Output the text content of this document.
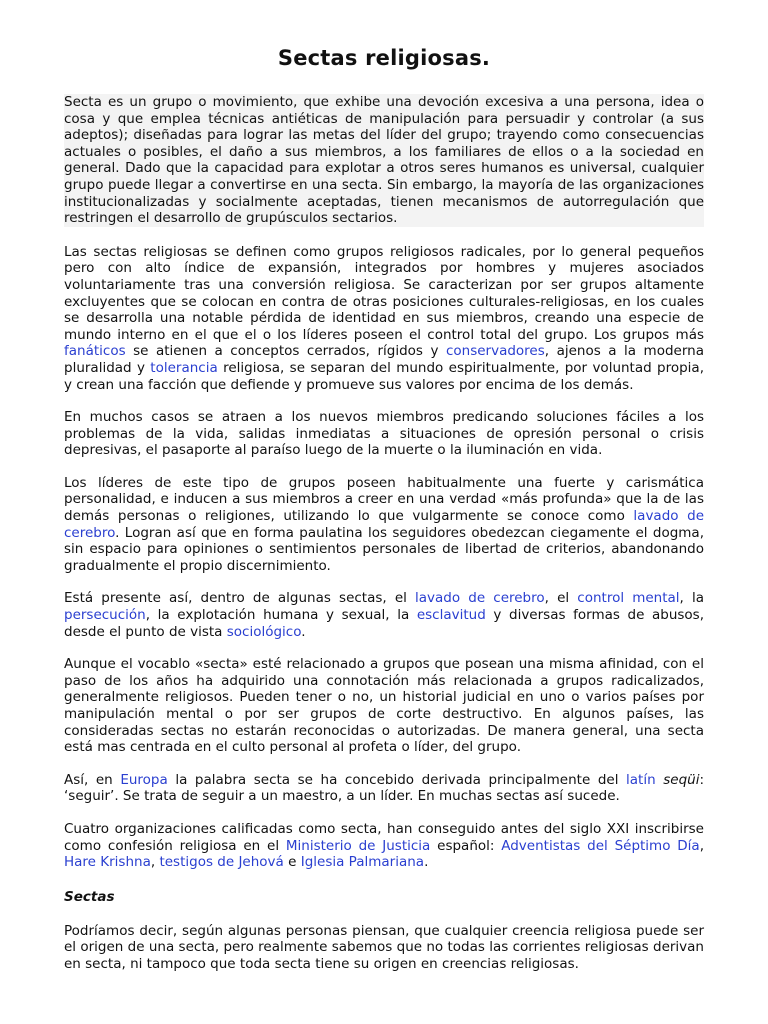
Sectas religiosas.

Secta es un grupo o movimiento, que exhibe una devoción excesiva a una persona, idea o cosa y que emplea técnicas antiéticas de manipulación para persuadir y controlar (a sus adeptos); diseñadas para lograr las metas del líder del grupo; trayendo como consecuencias actuales o posibles, el daño a sus miembros, a los familiares de ellos o a la sociedad en general. Dado que la capacidad para explotar a otros seres humanos es universal, cualquier grupo puede llegar a convertirse en una secta. Sin embargo, la mayoría de las organizaciones institucionalizadas y socialmente aceptadas, tienen mecanismos de autorregulación que restringen el desarrollo de grupúsculos sectarios.

Las sectas religiosas se definen como grupos religiosos radicales, por lo general pequeños pero con alto índice de expansión, integrados por hombres y mujeres asociados voluntariamente tras una conversión religiosa. Se caracterizan por ser grupos altamente excluyentes que se colocan en contra de otras posiciones culturales-religiosas, en los cuales se desarrolla una notable pérdida de identidad en sus miembros, creando una especie de mundo interno en el que el o los líderes poseen el control total del grupo. Los grupos más fanáticos se atienen a conceptos cerrados, rígidos y conservadores, ajenos a la moderna pluralidad y tolerancia religiosa, se separan del mundo espiritualmente, por voluntad propia, y crean una facción que defiende y promueve sus valores por encima de los demás.

En muchos casos se atraen a los nuevos miembros predicando soluciones fáciles a los problemas de la vida, salidas inmediatas a situaciones de opresión personal o crisis depresivas, el pasaporte al paraíso luego de la muerte o la iluminación en vida.

Los líderes de este tipo de grupos poseen habitualmente una fuerte y carismática personalidad, e inducen a sus miembros a creer en una verdad «más profunda» que la de las demás personas o religiones, utilizando lo que vulgarmente se conoce como lavado de cerebro. Logran así que en forma paulatina los seguidores obedezcan ciegamente el dogma, sin espacio para opiniones o sentimientos personales de libertad de criterios, abandonando gradualmente el propio discernimiento.

Está presente así, dentro de algunas sectas, el lavado de cerebro, el control mental, la persecución, la explotación humana y sexual, la esclavitud y diversas formas de abusos, desde el punto de vista sociológico.

Aunque el vocablo «secta» esté relacionado a grupos que posean una misma afinidad, con el paso de los años ha adquirido una connotación más relacionada a grupos radicalizados, generalmente religiosos. Pueden tener o no, un historial judicial en uno o varios países por manipulación mental o por ser grupos de corte destructivo. En algunos países, las consideradas sectas no estarán reconocidas o autorizadas. De manera general, una secta está mas centrada en el culto personal al profeta o líder, del grupo.

Así, en Europa la palabra secta se ha concebido derivada principalmente del latín seqüi: ‘seguir’. Se trata de seguir a un maestro, a un líder. En muchas sectas así sucede.

Cuatro organizaciones calificadas como secta, han conseguido antes del siglo XXI inscribirse como confesión religiosa en el Ministerio de Justicia español: Adventistas del Séptimo Día, Hare Krishna, testigos de Jehová e Iglesia Palmariana.

Sectas

Podríamos decir, según algunas personas piensan, que cualquier creencia religiosa puede ser el origen de una secta, pero realmente sabemos que no todas las corrientes religiosas derivan en secta, ni tampoco que toda secta tiene su origen en creencias religiosas.
